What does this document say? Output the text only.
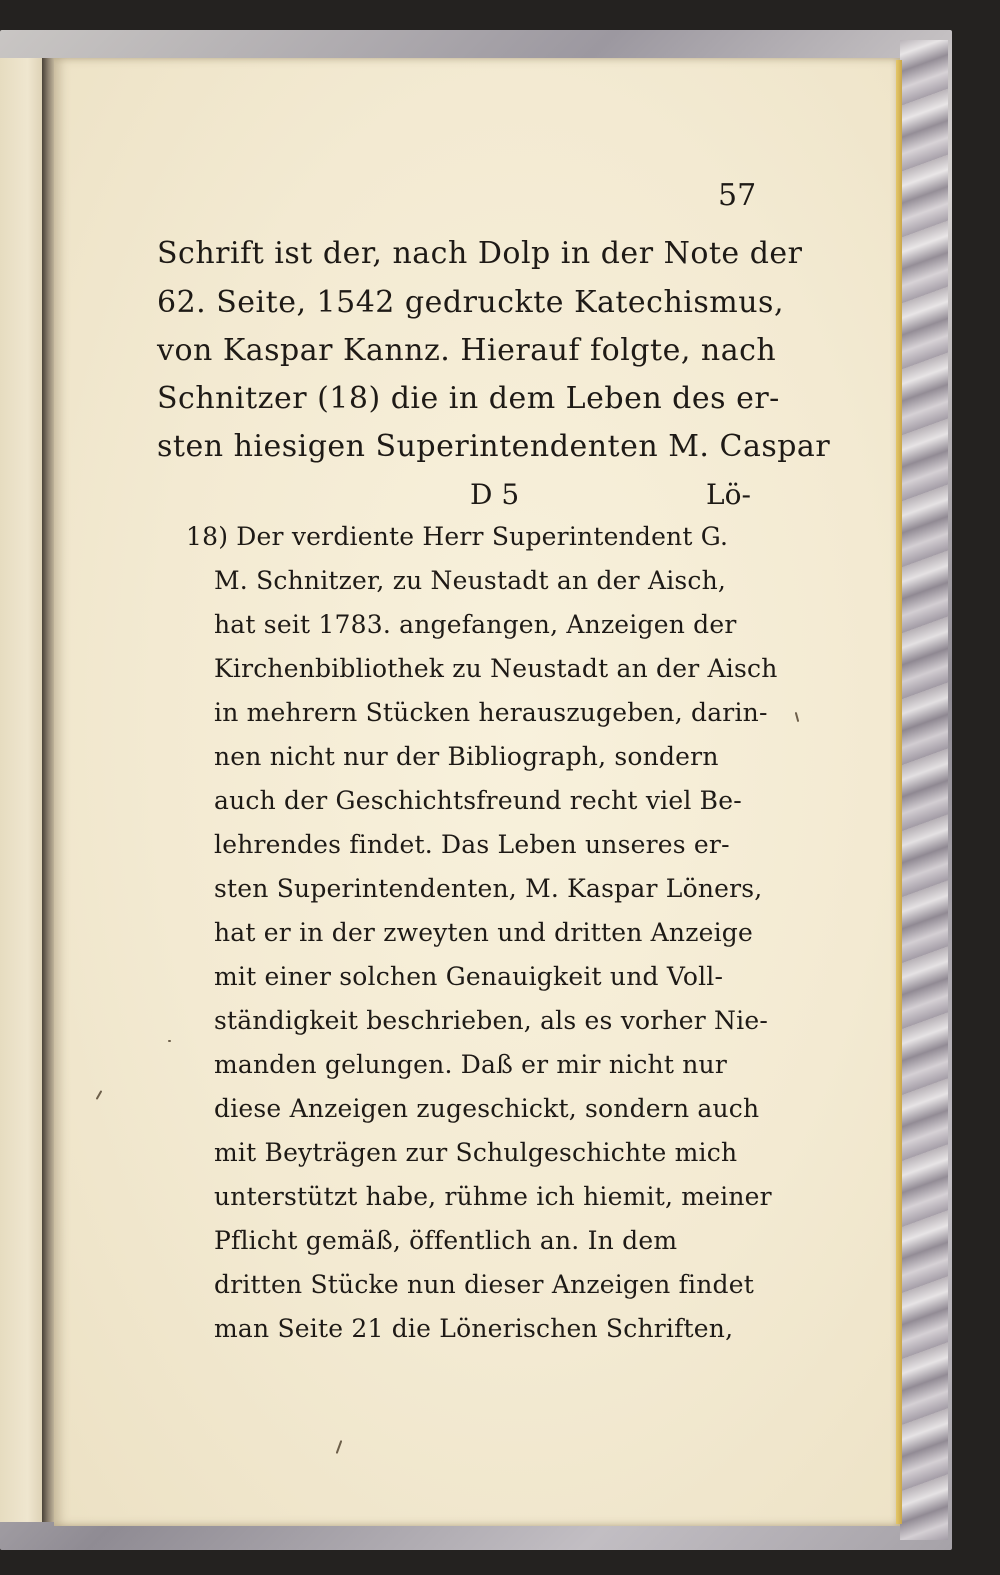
57
Schrift ist der, nach Dolp in der Note der
62. Seite, 1542 gedruckte Katechismus,
von Kaspar Kannz. Hierauf folgte, nach
Schnitzer (18) die in dem Leben des er-
sten hiesigen Superintendenten M. Caspar
D 5	Lö-
18) Der verdiente Herr Superintendent G.
M. Schnitzer, zu Neustadt an der Aisch,
hat seit 1783. angefangen, Anzeigen der
Kirchenbibliothek zu Neustadt an der Aisch
in mehrern Stücken herauszugeben, darin-
nen nicht nur der Bibliograph, sondern
auch der Geschichtsfreund recht viel Be-
lehrendes findet. Das Leben unseres er-
sten Superintendenten, M. Kaspar Löners,
hat er in der zweyten und dritten Anzeige
mit einer solchen Genauigkeit und Voll-
ständigkeit beschrieben, als es vorher Nie-
manden gelungen. Daß er mir nicht nur
diese Anzeigen zugeschickt, sondern auch
mit Beyträgen zur Schulgeschichte mich
unterstützt habe, rühme ich hiemit, meiner
Pflicht gemäß, öffentlich an. In dem
dritten Stücke nun dieser Anzeigen findet
man Seite 21 die Lönerischen Schriften,
